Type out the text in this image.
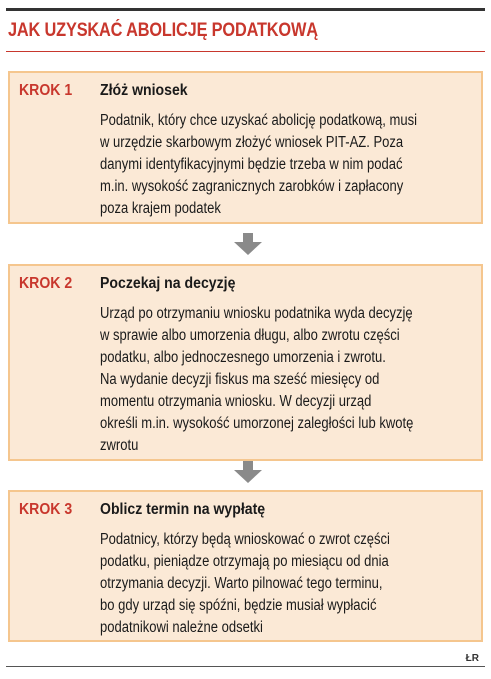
JAK UZYSKAĆ ABOLICJĘ PODATKOWĄ
KROK 1 Złóż wniosek
Podatnik, który chce uzyskać abolicję podatkową, musi
w urzędzie skarbowym złożyć wniosek PIT-AZ. Poza
danymi identyfikacyjnymi będzie trzeba w nim podać
m.in. wysokość zagranicznych zarobków i zapłacony
poza krajem podatek
KROK 2 Poczekaj na decyzję
Urząd po otrzymaniu wniosku podatnika wyda decyzję
w sprawie albo umorzenia długu, albo zwrotu części
podatku, albo jednoczesnego umorzenia i zwrotu.
Na wydanie decyzji fiskus ma sześć miesięcy od
momentu otrzymania wniosku. W decyzji urząd
określi m.in. wysokość umorzonej zaległości lub kwotę
zwrotu
KROK 3 Oblicz termin na wypłatę
Podatnicy, którzy będą wnioskować o zwrot części
podatku, pieniądze otrzymają po miesiącu od dnia
otrzymania decyzji. Warto pilnować tego terminu,
bo gdy urząd się spóźni, będzie musiał wypłacić
podatnikowi należne odsetki
ŁR
